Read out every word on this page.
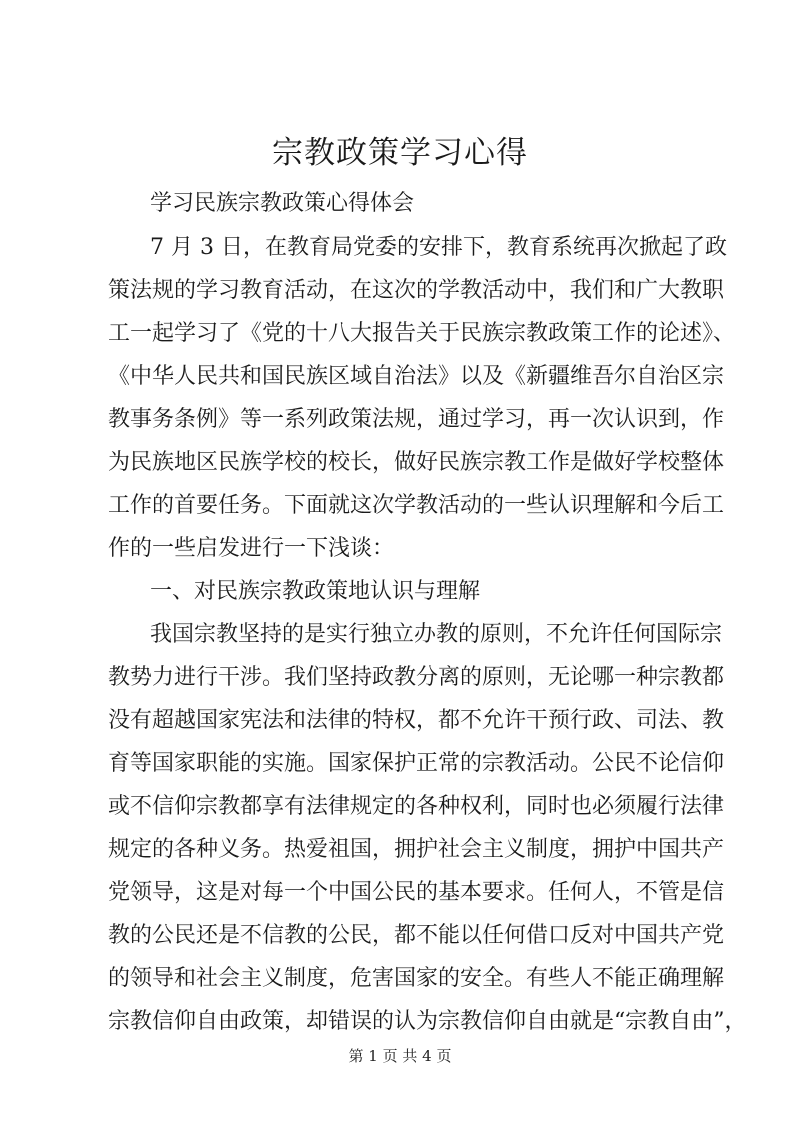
宗教政策学习心得
学习民族宗教政策心得体会
7 月 3 日，在教育局党委的安排下，教育系统再次掀起了政
策法规的学习教育活动，在这次的学教活动中，我们和广大教职
工一起学习了《党的十八大报告关于民族宗教政策工作的论述》、
《中华人民共和国民族区域自治法》以及《新疆维吾尔自治区宗
教事务条例》等一系列政策法规，通过学习，再一次认识到，作
为民族地区民族学校的校长，做好民族宗教工作是做好学校整体
工作的首要任务。下面就这次学教活动的一些认识理解和今后工
作的一些启发进行一下浅谈：
一、对民族宗教政策地认识与理解
我国宗教坚持的是实行独立办教的原则，不允许任何国际宗
教势力进行干涉。我们坚持政教分离的原则，无论哪一种宗教都
没有超越国家宪法和法律的特权，都不允许干预行政、司法、教
育等国家职能的实施。国家保护正常的宗教活动。公民不论信仰
或不信仰宗教都享有法律规定的各种权利，同时也必须履行法律
规定的各种义务。热爱祖国，拥护社会主义制度，拥护中国共产
党领导，这是对每一个中国公民的基本要求。任何人，不管是信
教的公民还是不信教的公民，都不能以任何借口反对中国共产党
的领导和社会主义制度，危害国家的安全。有些人不能正确理解
宗教信仰自由政策，却错误的认为宗教信仰自由就是“宗教自由”，
第 1 页 共 4 页
